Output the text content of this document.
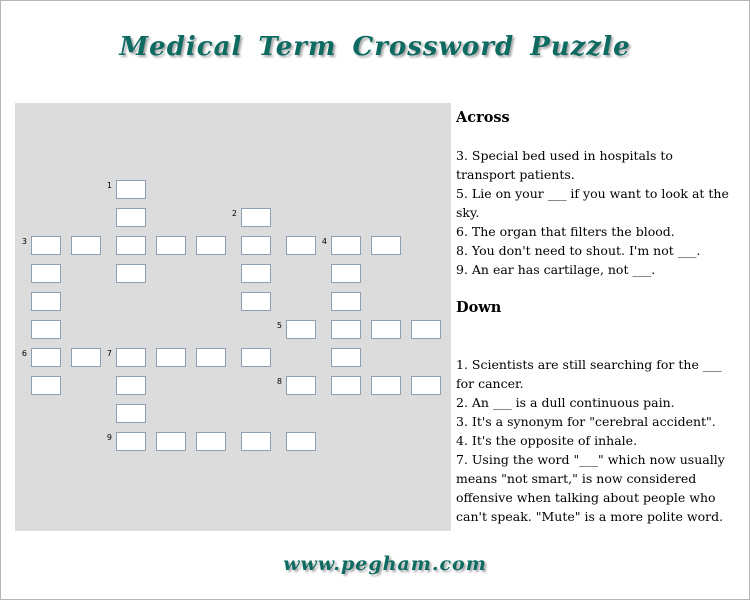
Medical Term Crossword Puzzle
1
2
3	4
5
6	7
8
9

Across

3. Special bed used in hospitals to transport patients.

5. Lie on your ___ if you want to look at the sky.

6. The organ that filters the blood.

8. You don't need to shout. I'm not ___.

9. An ear has cartilage, not ___.

Down

1. Scientists are still searching for the ___ for cancer.

2. An ___ is a dull continuous pain.

3. It's a synonym for "cerebral accident".

4. It's the opposite of inhale.

7. Using the word "___" which now usually means "not smart," is now considered offensive when talking about people who can't speak. "Mute" is a more polite word.

www.pegham.com
